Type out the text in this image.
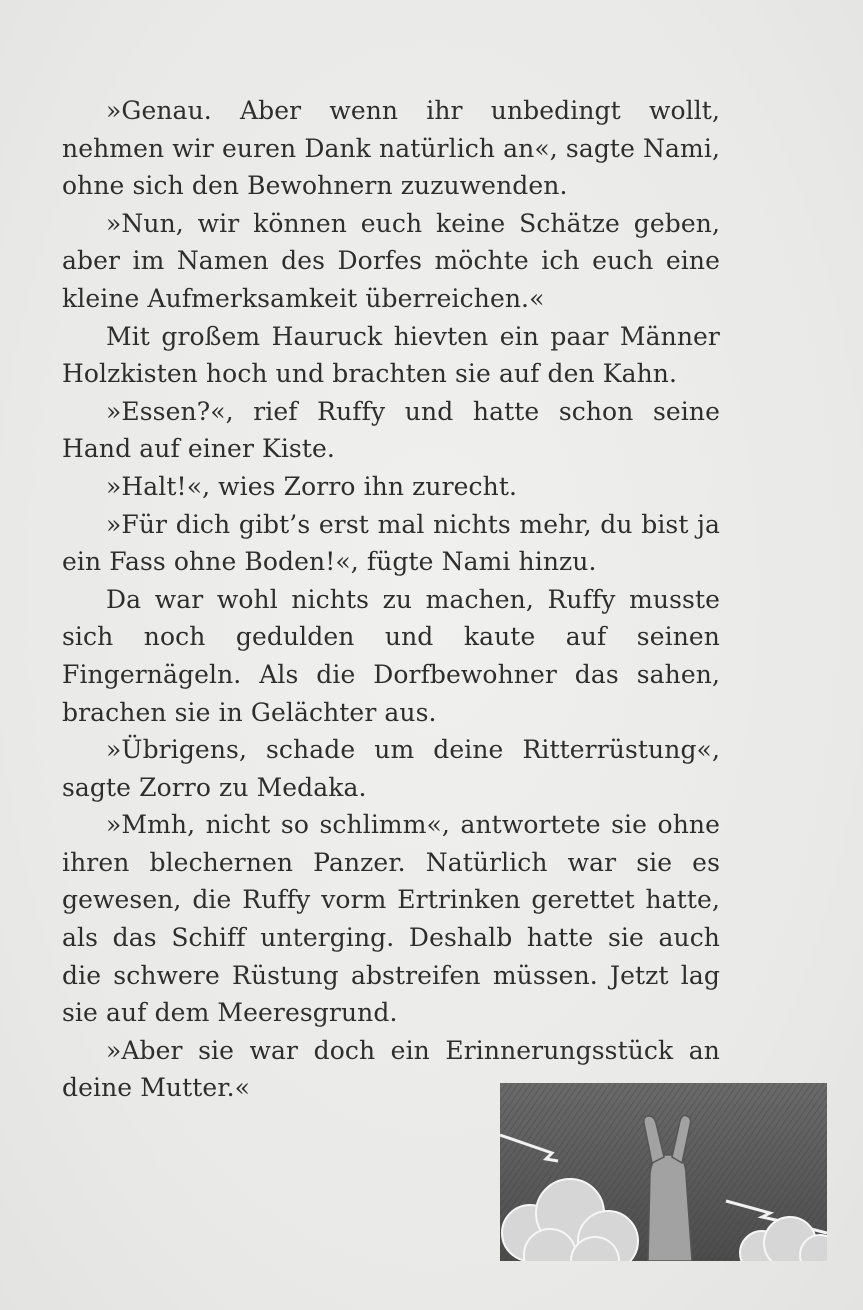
»Genau. Aber wenn ihr unbedingt wollt, nehmen wir euren Dank natürlich an«, sagte Nami, ohne sich den Bewohnern zuzuwenden.

»Nun, wir können euch keine Schätze geben, aber im Namen des Dorfes möchte ich euch eine kleine Aufmerksamkeit überreichen.«

Mit großem Hauruck hievten ein paar Männer Holzkisten hoch und brachten sie auf den Kahn.

»Essen?«, rief Ruffy und hatte schon seine Hand auf einer Kiste.

»Halt!«, wies Zorro ihn zurecht.

»Für dich gibt’s erst mal nichts mehr, du bist ja ein Fass ohne Boden!«, fügte Nami hinzu.

Da war wohl nichts zu machen, Ruffy musste sich noch gedulden und kaute auf seinen Fingernägeln. Als die Dorfbewohner das sahen, brachen sie in Gelächter aus.

»Übrigens, schade um deine Ritterrüstung«, sagte Zorro zu Medaka.

»Mmh, nicht so schlimm«, antwortete sie ohne ihren blechernen Panzer. Natürlich war sie es gewesen, die Ruffy vorm Ertrinken gerettet hatte, als das Schiff unterging. Deshalb hatte sie auch die schwere Rüstung abstreifen müssen. Jetzt lag sie auf dem Meeresgrund.

»Aber sie war doch ein Erinnerungsstück an deine Mutter.«
